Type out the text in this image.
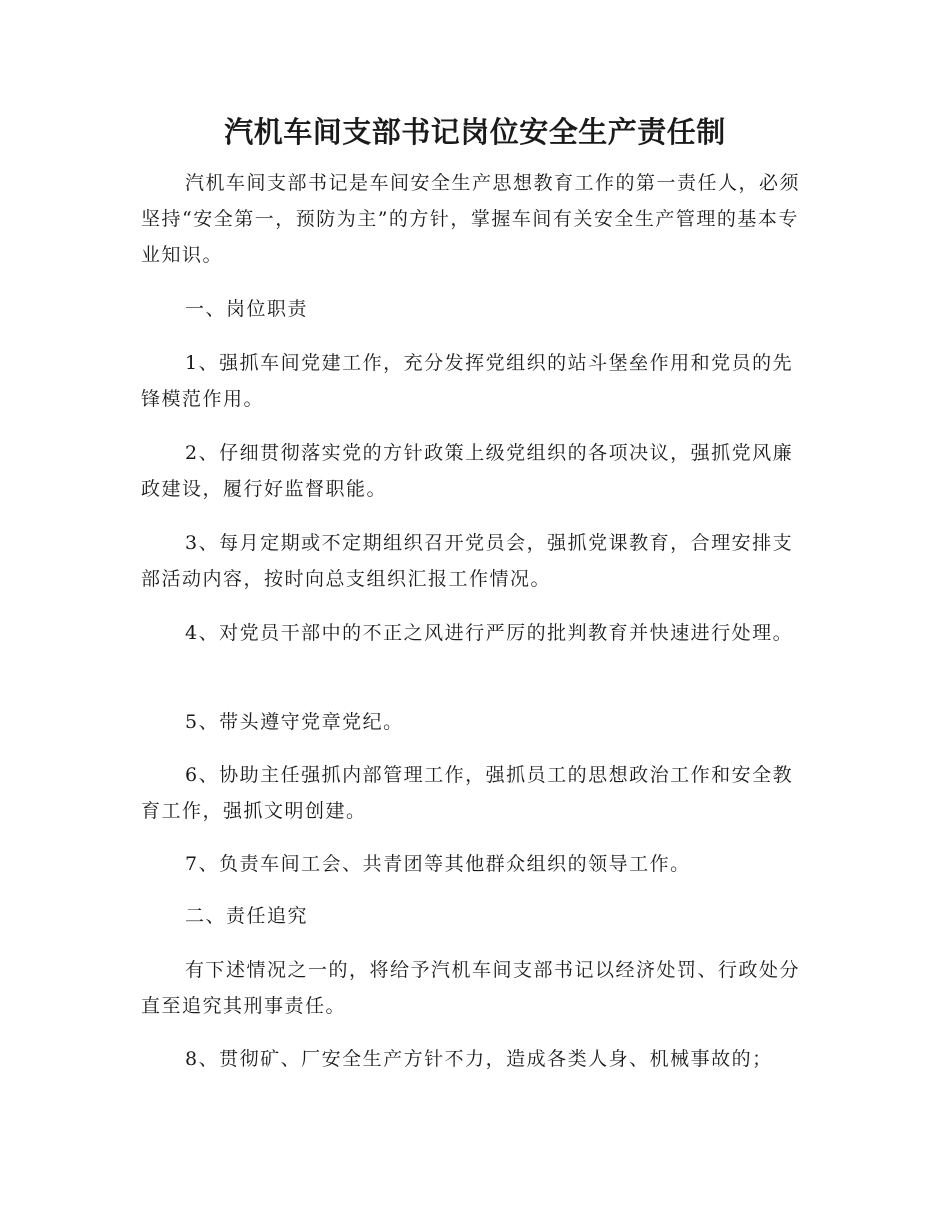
汽机车间支部书记岗位安全生产责任制
汽机车间支部书记是车间安全生产思想教育工作的第一责任人，必须坚持“安全第一，预防为主”的方针，掌握车间有关安全生产管理的基本专业知识。
一、岗位职责
1、强抓车间党建工作，充分发挥党组织的站斗堡垒作用和党员的先锋模范作用。
2、仔细贯彻落实党的方针政策上级党组织的各项决议，强抓党风廉政建设，履行好监督职能。
3、每月定期或不定期组织召开党员会，强抓党课教育，合理安排支部活动内容，按时向总支组织汇报工作情况。
4、对党员干部中的不正之风进行严厉的批判教育并快速进行处理。
5、带头遵守党章党纪。
6、协助主任强抓内部管理工作，强抓员工的思想政治工作和安全教育工作，强抓文明创建。
7、负责车间工会、共青团等其他群众组织的领导工作。
二、责任追究
有下述情况之一的，将给予汽机车间支部书记以经济处罚、行政处分直至追究其刑事责任。
8、贯彻矿、厂安全生产方针不力，造成各类人身、机械事故的；
